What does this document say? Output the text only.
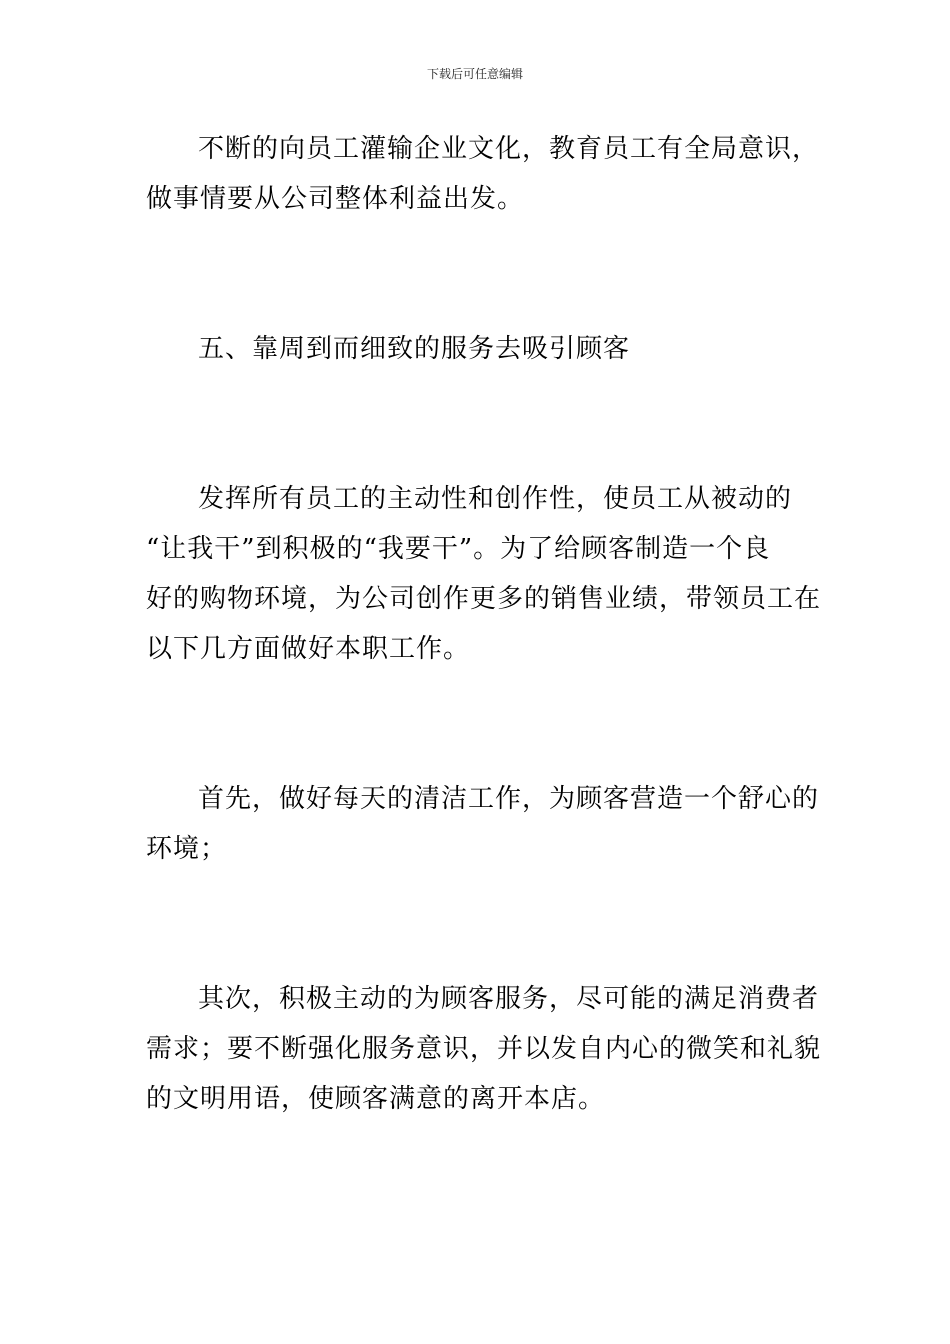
下载后可任意编辑

不断的向员工灌输企业文化，教育员工有全局意识，
做事情要从公司整体利益出发。

五、靠周到而细致的服务去吸引顾客

发挥所有员工的主动性和创作性，使员工从被动的
“让我干”到积极的“我要干”。为了给顾客制造一个良
好的购物环境，为公司创作更多的销售业绩，带领员工在
以下几方面做好本职工作。

首先，做好每天的清洁工作，为顾客营造一个舒心的
环境；

其次，积极主动的为顾客服务，尽可能的满足消费者
需求；要不断强化服务意识，并以发自内心的微笑和礼貌
的文明用语，使顾客满意的离开本店。
